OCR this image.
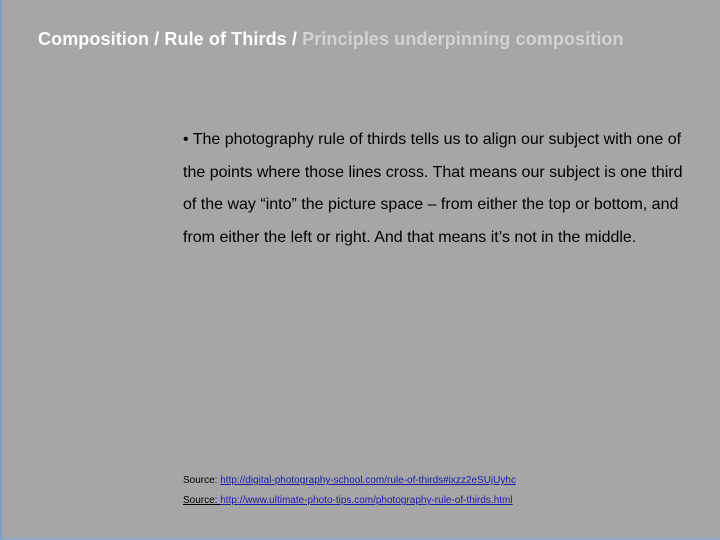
Composition / Rule of Thirds / Principles underpinning composition

• The photography rule of thirds tells us to align our subject with one of the points where those lines cross. That means our subject is one third of the way “into” the picture space – from either the top or bottom, and from either the left or right. And that means it’s not in the middle.

Source: http://digital-photography-school.com/rule-of-thirds#ixzz2eSUjUyhc
Source: http://www.ultimate-photo-tips.com/photography-rule-of-thirds.html
